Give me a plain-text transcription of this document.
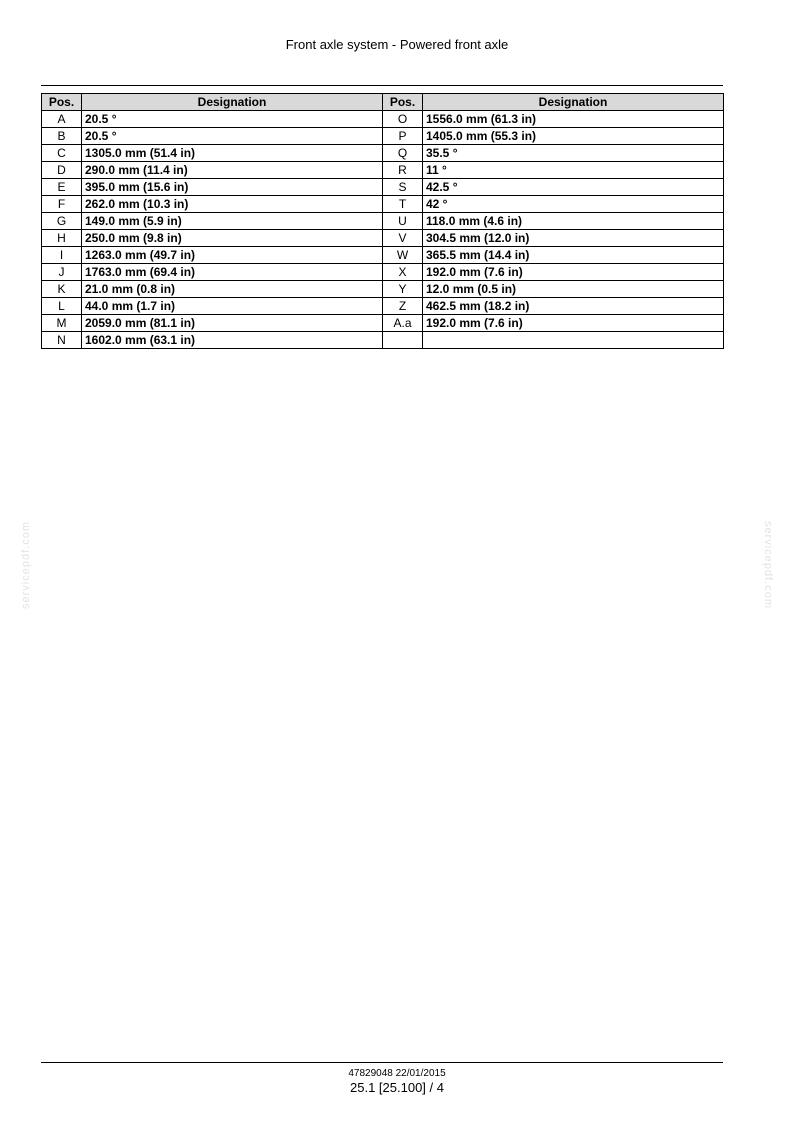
Front axle system - Powered front axle
Pos.	Designation	Pos.	Designation
A	20.5 °	O	1556.0 mm (61.3 in)
B	20.5 °	P	1405.0 mm (55.3 in)
C	1305.0 mm (51.4 in)	Q	35.5 °
D	290.0 mm (11.4 in)	R	11 °
E	395.0 mm (15.6 in)	S	42.5 °
F	262.0 mm (10.3 in)	T	42 °
G	149.0 mm (5.9 in)	U	118.0 mm (4.6 in)
H	250.0 mm (9.8 in)	V	304.5 mm (12.0 in)
I	1263.0 mm (49.7 in)	W	365.5 mm (14.4 in)
J	1763.0 mm (69.4 in)	X	192.0 mm (7.6 in)
K	21.0 mm (0.8 in)	Y	12.0 mm (0.5 in)
L	44.0 mm (1.7 in)	Z	462.5 mm (18.2 in)
M	2059.0 mm (81.1 in)	A.a	192.0 mm (7.6 in)
N	1602.0 mm (63.1 in)		
servicepdf.com	servicepdf.com
47829048 22/01/2015
25.1 [25.100] / 4
